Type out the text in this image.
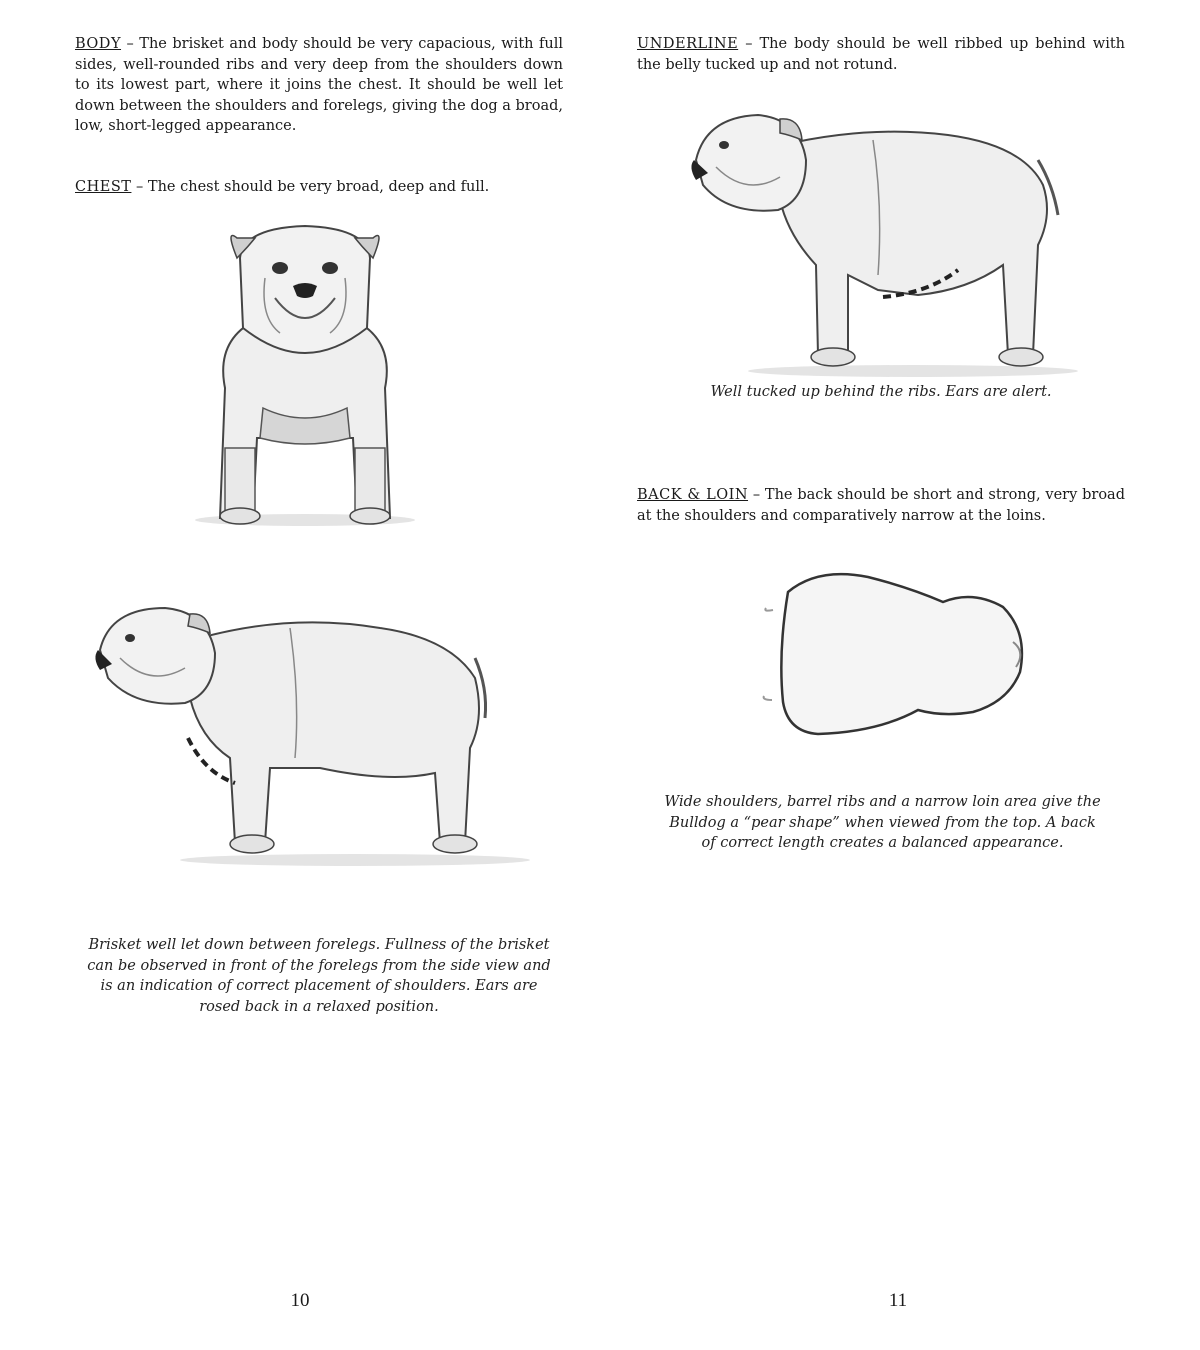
BODY – The brisket and body should be very capacious, with full sides, well-rounded ribs and very deep from the shoulders down to its lowest part, where it joins the chest. It should be well let down between the shoulders and forelegs, giving the dog a broad, low, short-legged appearance.

CHEST – The chest should be very broad, deep and full.

Brisket well let down between forelegs. Fullness of the brisket can be observed in front of the forelegs from the side view and is an indication of correct placement of shoulders. Ears are rosed back in a relaxed position.

10

UNDERLINE – The body should be well ribbed up behind with the belly tucked up and not rotund.

Well tucked up behind the ribs. Ears are alert.

BACK & LOIN – The back should be short and strong, very broad at the shoulders and comparatively narrow at the loins.

Wide shoulders, barrel ribs and a narrow loin area give the Bulldog a “pear shape” when viewed from the top. A back of correct length creates a balanced appearance.

11
